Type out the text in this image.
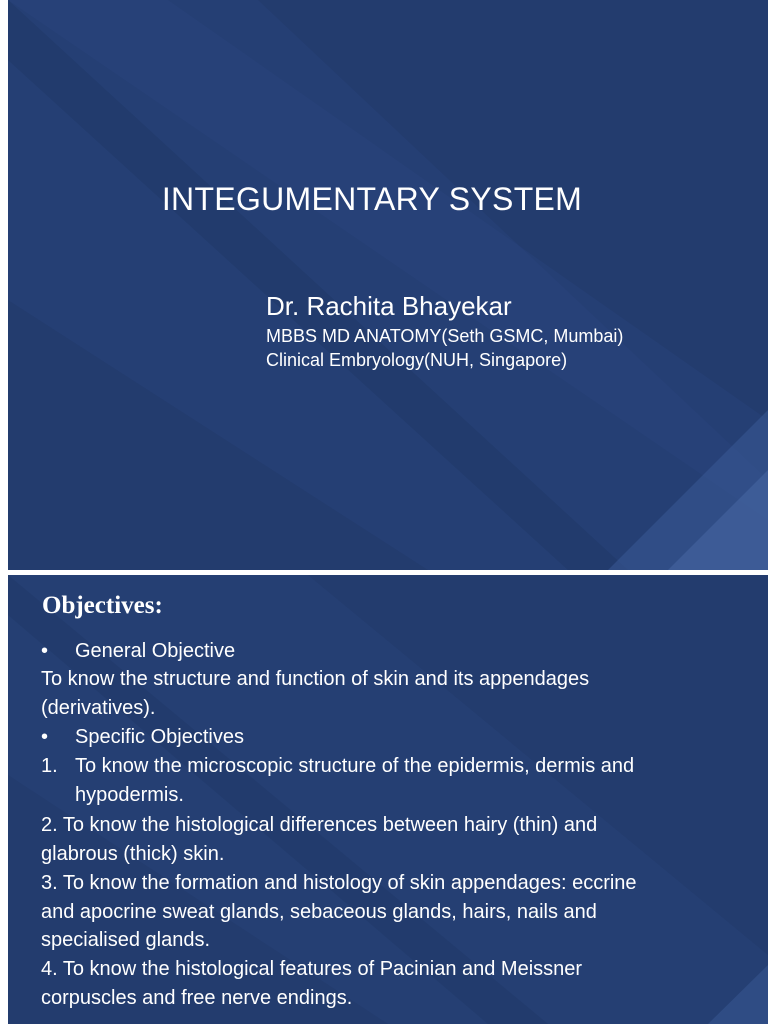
INTEGUMENTARY SYSTEM
Dr. Rachita Bhayekar
MBBS MD ANATOMY(Seth GSMC, Mumbai)
Clinical Embryology(NUH, Singapore)
Objectives:
• General Objective
To know the structure and function of skin and its appendages
(derivatives).
• Specific Objectives
1. To know the microscopic structure of the epidermis, dermis and
hypodermis.
2. To know the histological differences between hairy (thin) and
glabrous (thick) skin.
3. To know the formation and histology of skin appendages: eccrine
and apocrine sweat glands, sebaceous glands, hairs, nails and
specialised glands.
4. To know the histological features of Pacinian and Meissner
corpuscles and free nerve endings.
